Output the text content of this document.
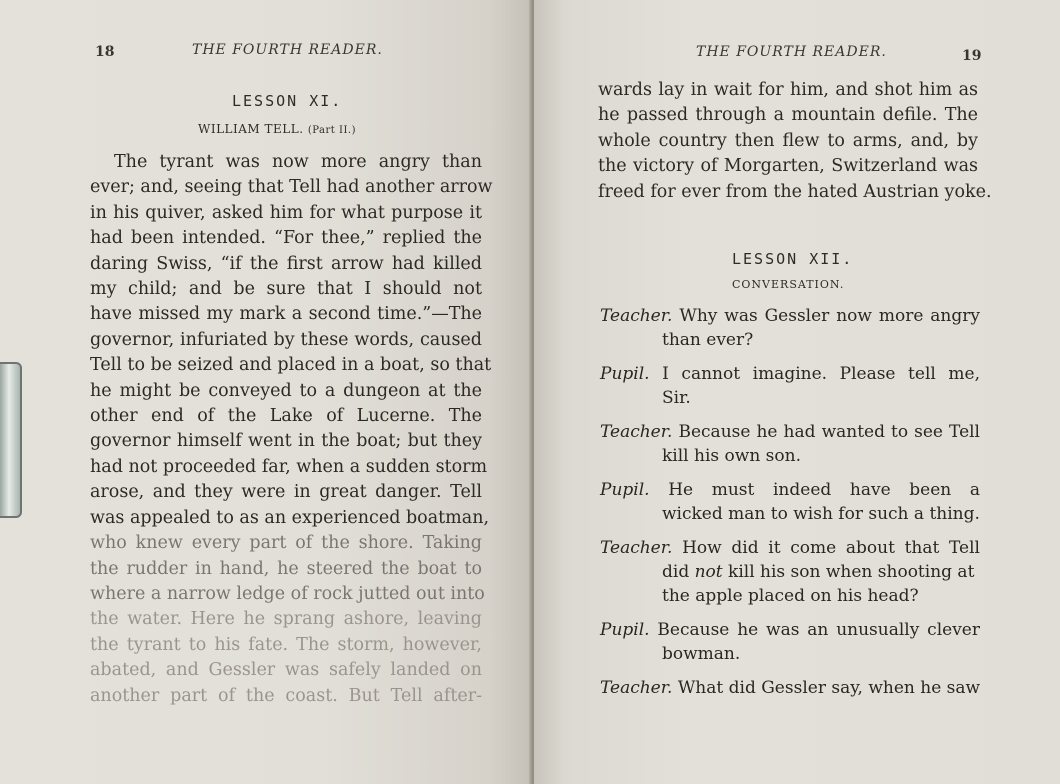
18	THE FOURTH READER.
LESSON XI.
WILLIAM TELL. (Part II.)
The tyrant was now more angry than
ever; and, seeing that Tell had another arrow
in his quiver, asked him for what purpose it
had been intended. “For thee,” replied the
daring Swiss, “if the first arrow had killed
my child; and be sure that I should not
have missed my mark a second time.”—The
governor, infuriated by these words, caused
Tell to be seized and placed in a boat, so that
he might be conveyed to a dungeon at the
other end of the Lake of Lucerne. The
governor himself went in the boat; but they
had not proceeded far, when a sudden storm
arose, and they were in great danger. Tell
was appealed to as an experienced boatman,
who knew every part of the shore. Taking
the rudder in hand, he steered the boat to
where a narrow ledge of rock jutted out into
the water. Here he sprang ashore, leaving
the tyrant to his fate. The storm, however,
abated, and Gessler was safely landed on
another part of the coast. But Tell after-
THE FOURTH READER.	19
wards lay in wait for him, and shot him as
he passed through a mountain defile. The
whole country then flew to arms, and, by
the victory of Morgarten, Switzerland was
freed for ever from the hated Austrian yoke.
LESSON XII.
CONVERSATION.
Teacher. Why was Gessler now more angry
than ever?
Pupil. I cannot imagine. Please tell me,
Sir.
Teacher. Because he had wanted to see Tell
kill his own son.
Pupil. He must indeed have been a
wicked man to wish for such a thing.
Teacher. How did it come about that Tell
did not kill his son when shooting at
the apple placed on his head?
Pupil. Because he was an unusually clever
bowman.
Teacher. What did Gessler say, when he saw
